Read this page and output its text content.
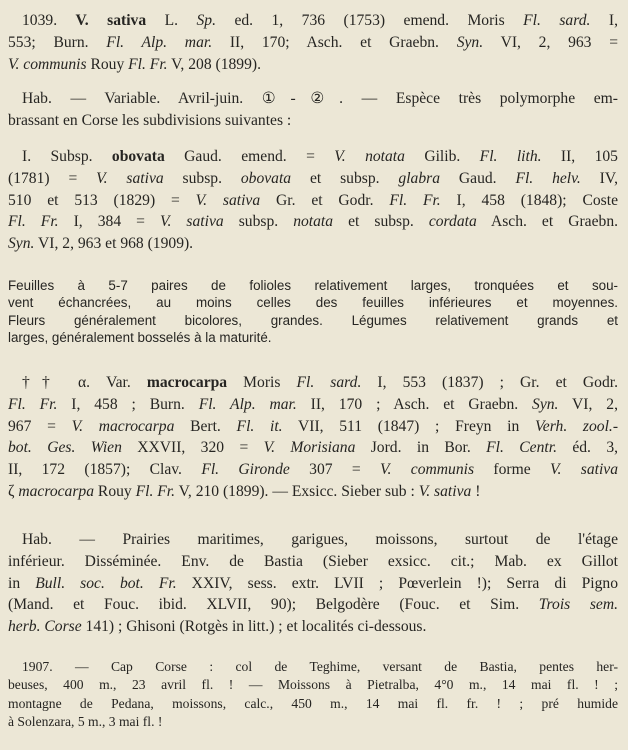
1039. V. sativa L. Sp. ed. 1, 736 (1753) emend. Moris Fl. sard. I,
553; Burn. Fl. Alp. mar. II, 170; Asch. et Graebn. Syn. VI, 2, 963 =
V. communis Rouy Fl. Fr. V, 208 (1899).

Hab. — Variable. Avril-juin. ①-②. — Espèce très polymorphe em-
brassant en Corse les subdivisions suivantes :

I. Subsp. obovata Gaud. emend. = V. notata Gilib. Fl. lith. II, 105
(1781) = V. sativa subsp. obovata et subsp. glabra Gaud. Fl. helv. IV,
510 et 513 (1829) = V. sativa Gr. et Godr. Fl. Fr. I, 458 (1848); Coste
Fl. Fr. I, 384 = V. sativa subsp. notata et subsp. cordata Asch. et Graebn.
Syn. VI, 2, 963 et 968 (1909).

Feuilles à 5-7 paires de folioles relativement larges, tronquées et sou-
vent échancrées, au moins celles des feuilles inférieures et moyennes.
Fleurs généralement bicolores, grandes. Légumes relativement grands et
larges, généralement bosselés à la maturité.

†† α. Var. macrocarpa Moris Fl. sard. I, 553 (1837) ; Gr. et Godr.
Fl. Fr. I, 458 ; Burn. Fl. Alp. mar. II, 170 ; Asch. et Graebn. Syn. VI, 2,
967 = V. macrocarpa Bert. Fl. it. VII, 511 (1847) ; Freyn in Verh. zool.-
bot. Ges. Wien XXVII, 320 = V. Morisiana Jord. in Bor. Fl. Centr. éd. 3,
II, 172 (1857); Clav. Fl. Gironde 307 = V. communis forme V. sativa
ζ macrocarpa Rouy Fl. Fr. V, 210 (1899). — Exsicc. Sieber sub : V. sativa !

Hab. — Prairies maritimes, garigues, moissons, surtout de l'étage
inférieur. Disséminée. Env. de Bastia (Sieber exsicc. cit.; Mab. ex Gillot
in Bull. soc. bot. Fr. XXIV, sess. extr. LVII ; Pœverlein !); Serra di Pigno
(Mand. et Fouc. ibid. XLVII, 90); Belgodère (Fouc. et Sim. Trois sem.
herb. Corse 141) ; Ghisoni (Rotgès in litt.) ; et localités ci-dessous.

1907. — Cap Corse : col de Teghime, versant de Bastia, pentes her-
beuses, 400 m., 23 avril fl. ! — Moissons à Pietralba, 4°0 m., 14 mai fl. ! ;
montagne de Pedana, moissons, calc., 450 m., 14 mai fl. fr. ! ; pré humide
à Solenzara, 5 m., 3 mai fl. !
